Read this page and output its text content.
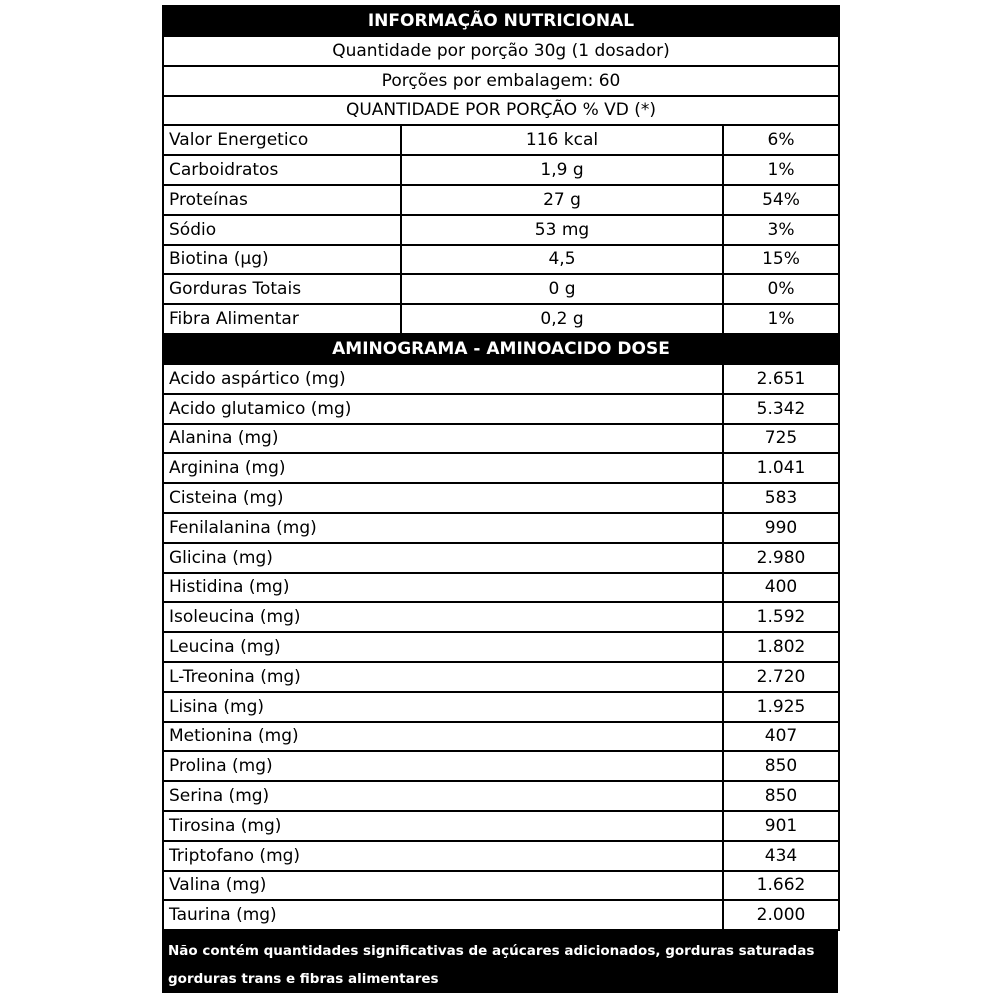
INFORMAÇÃO NUTRICIONAL		
Quantidade por porção 30g (1 dosador)		
Porções por embalagem: 60		
QUANTIDADE POR PORÇÃO % VD (*)		
Valor Energetico	116 kcal	6%
Carboidratos	1,9 g	1%
Proteínas	27 g	54%
Sódio	53 mg	3%
Biotina (µg)	4,5	15%
Gorduras Totais	0 g	0%
Fibra Alimentar	0,2 g	1%
AMINOGRAMA - AMINOACIDO DOSE		
Acido aspártico (mg)		2.651
Acido glutamico (mg)		5.342
Alanina (mg)		725
Arginina (mg)		1.041
Cisteina (mg)		583
Fenilalanina (mg)		990
Glicina (mg)		2.980
Histidina (mg)		400
Isoleucina (mg)		1.592
Leucina (mg)		1.802
L-Treonina (mg)		2.720
Lisina (mg)		1.925
Metionina (mg)		407
Prolina (mg)		850
Serina (mg)		850
Tirosina (mg)		901
Triptofano (mg)		434
Valina (mg)		1.662
Taurina (mg)		2.000
Não contém quantidades significativas de açúcares adicionados, gorduras saturadas
gorduras trans e fibras alimentares
